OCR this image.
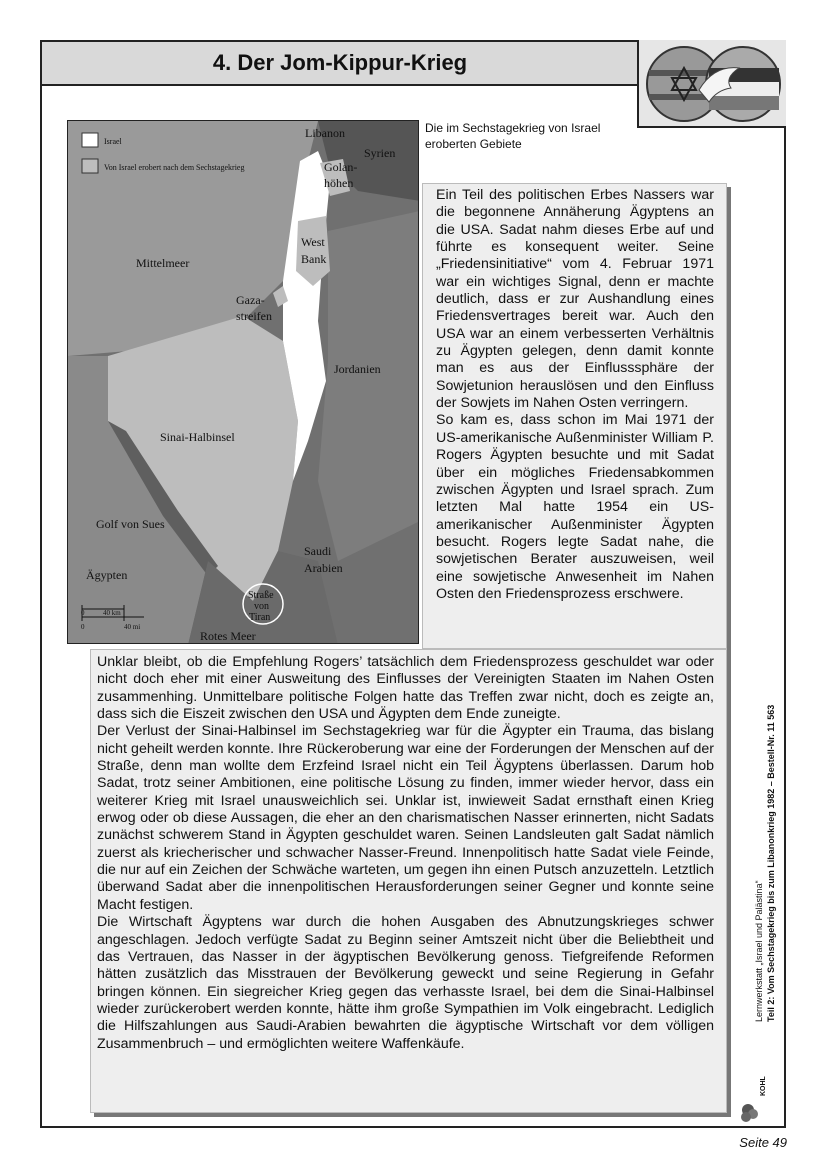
4. Der Jom-Kippur-Krieg
Israel
Von Israel erobert nach dem Sechstagekrieg
Libanon
Syrien
Golan-
höhen
West
Bank
Mittelmeer
Gaza-
streifen
Jordanien
Sinai-Halbinsel
Golf von Sues
Saudi
Arabien
Ägypten
Straße
von
Tiran
Rotes Meer
0	40 km
0	40 mi
Die im Sechstagekrieg von Israel eroberten Gebiete

Ein Teil des politischen Erbes Nassers war die begonnene Annäherung Ägyptens an die USA. Sadat nahm dieses Erbe auf und führte es konsequent weiter. Seine „Friedensinitiative“ vom 4. Februar 1971 war ein wichtiges Signal, denn er machte deutlich, dass er zur Aushandlung eines Friedensvertrages bereit war. Auch den USA war an einem verbesserten Verhältnis zu Ägypten gelegen, denn damit konnte man es aus der Einflusssphäre der Sowjetunion herauslösen und den Einfluss der Sowjets im Nahen Osten verringern.

So kam es, dass schon im Mai 1971 der US-amerikanische Außenminister William P. Rogers Ägypten besuchte und mit Sadat über ein mögliches Friedensabkommen zwischen Ägypten und Israel sprach. Zum letzten Mal hatte 1954 ein US-amerikanischer Außenminister Ägypten besucht. Rogers legte Sadat nahe, die sowjetischen Berater auszuweisen, weil eine sowjetische Anwesenheit im Nahen Osten den Friedensprozess erschwere.

Unklar bleibt, ob die Empfehlung Rogers’ tatsächlich dem Friedensprozess geschuldet war oder nicht doch eher mit einer Ausweitung des Einflusses der Vereinigten Staaten im Nahen Osten zusammenhing. Unmittelbare politische Folgen hatte das Treffen zwar nicht, doch es zeigte an, dass sich die Eiszeit zwischen den USA und Ägypten dem Ende zuneigte.

Der Verlust der Sinai-Halbinsel im Sechstagekrieg war für die Ägypter ein Trauma, das bislang nicht geheilt werden konnte. Ihre Rückeroberung war eine der Forderungen der Menschen auf der Straße, denn man wollte dem Erzfeind Israel nicht ein Teil Ägyptens überlassen. Darum hob Sadat, trotz seiner Ambitionen, eine politische Lösung zu finden, immer wieder hervor, dass ein weiterer Krieg mit Israel unausweichlich sei. Unklar ist, inwieweit Sadat ernsthaft einen Krieg erwog oder ob diese Aussagen, die eher an den charismatischen Nasser erinnerten, nicht Sadats zunächst schwerem Stand in Ägypten geschuldet waren. Seinen Landsleuten galt Sadat nämlich zuerst als kriecherischer und schwacher Nasser-Freund. Innenpolitisch hatte Sadat viele Feinde, die nur auf ein Zeichen der Schwäche warteten, um gegen ihn einen Putsch anzuzetteln. Letztlich überwand Sadat aber die innenpolitischen Herausforderungen seiner Gegner und konnte seine Macht festigen.

Die Wirtschaft Ägyptens war durch die hohen Ausgaben des Abnutzungskrieges schwer angeschlagen. Jedoch verfügte Sadat zu Beginn seiner Amtszeit nicht über die Beliebtheit und das Vertrauen, das Nasser in der ägyptischen Bevölkerung genoss. Tiefgreifende Reformen hätten zusätzlich das Misstrauen der Bevölkerung geweckt und seine Regierung in Gefahr bringen können. Ein siegreicher Krieg gegen das verhasste Israel, bei dem die Sinai-Halbinsel wieder zurückerobert werden konnte, hätte ihm große Sympathien im Volk eingebracht. Lediglich die Hilfszahlungen aus Saudi-Arabien bewahrten die ägyptische Wirtschaft vor dem völligen Zusammenbruch – und ermöglichten weitere Waffenkäufe.

Lernwerkstatt „Israel und Palästina“ Teil 2: Vom Sechstagekrieg bis zum Libanonkrieg 1982 – Bestell-Nr. 11 563
KOHL
Seite 49
